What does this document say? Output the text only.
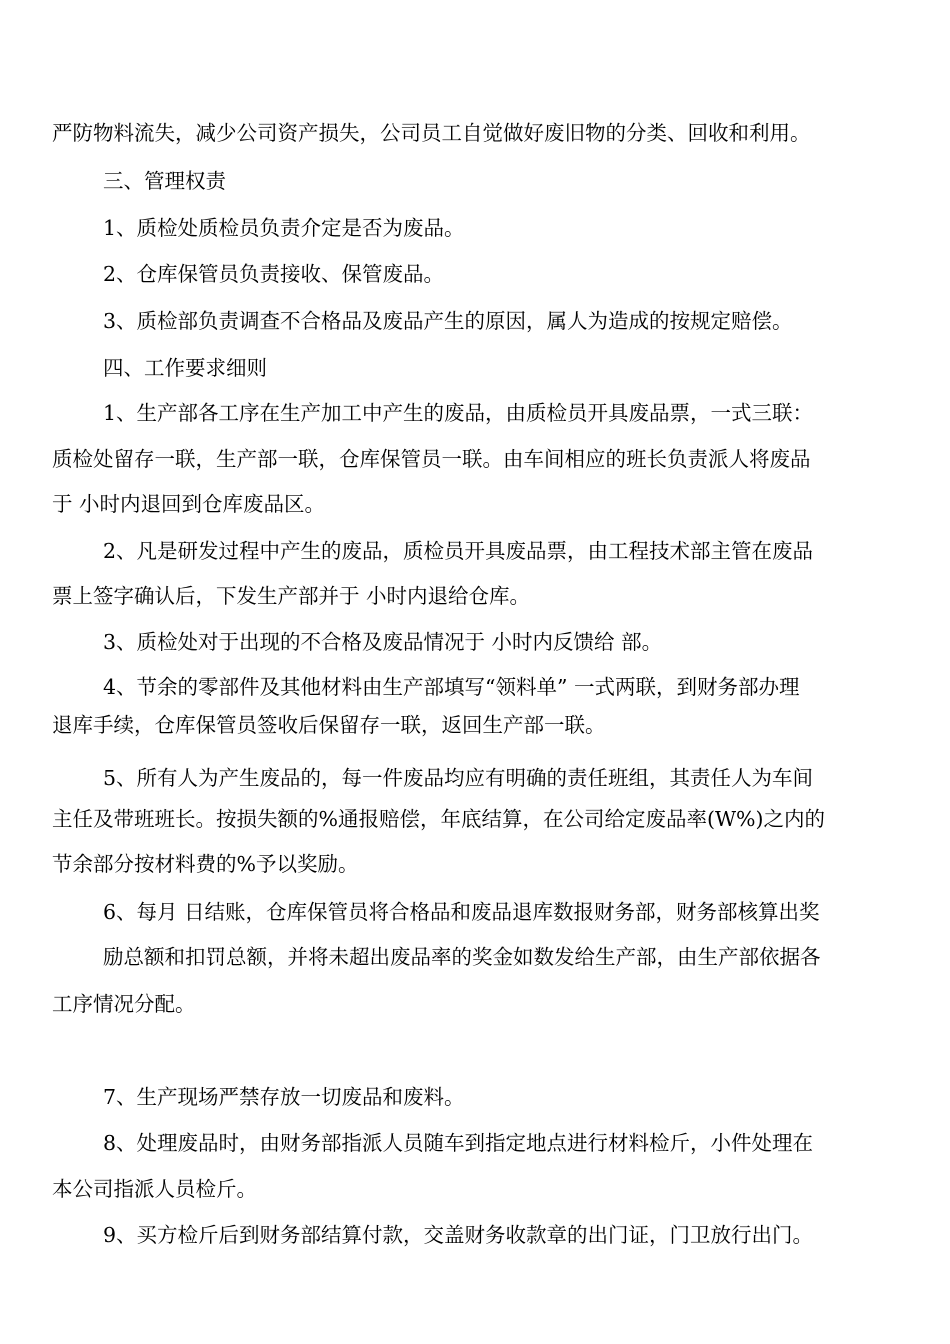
严防物料流失，减少公司资产损失，公司员工自觉做好废旧物的分类、回收和利用。
三、管理权责
1、质检处质检员负责介定是否为废品。
2、仓库保管员负责接收、保管废品。
3、质检部负责调查不合格品及废品产生的原因，属人为造成的按规定赔偿。
四、工作要求细则
1、生产部各工序在生产加工中产生的废品，由质检员开具废品票，一式三联：
质检处留存一联，生产部一联，仓库保管员一联。由车间相应的班长负责派人将废品
于 小时内退回到仓库废品区。
2、凡是研发过程中产生的废品，质检员开具废品票，由工程技术部主管在废品
票上签字确认后，下发生产部并于 小时内退给仓库。
3、质检处对于出现的不合格及废品情况于 小时内反馈给 部。
4、节余的零部件及其他材料由生产部填写“领料单” 一式两联，到财务部办理
退库手续，仓库保管员签收后保留存一联，返回生产部一联。
5、所有人为产生废品的，每一件废品均应有明确的责任班组，其责任人为车间
主任及带班班长。按损失额的%通报赔偿，年底结算，在公司给定废品率(W%)之内的
节余部分按材料费的%予以奖励。
6、每月 日结账，仓库保管员将合格品和废品退库数报财务部，财务部核算出奖
励总额和扣罚总额，并将未超出废品率的奖金如数发给生产部，由生产部依据各
工序情况分配。
7、生产现场严禁存放一切废品和废料。
8、处理废品时，由财务部指派人员随车到指定地点进行材料检斤，小件处理在
本公司指派人员检斤。
9、买方检斤后到财务部结算付款，交盖财务收款章的出门证，门卫放行出门。
